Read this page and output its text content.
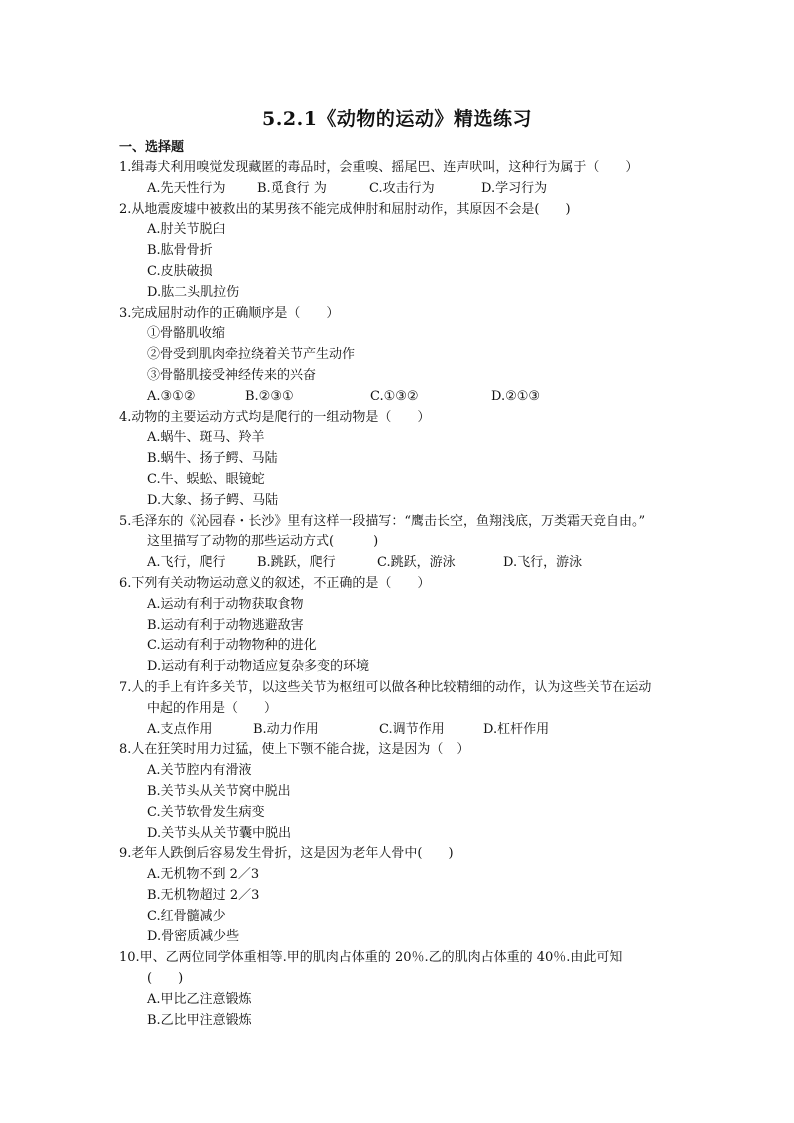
5.2.1《动物的运动》精选练习
一、选择题
1.缉毒犬利用嗅觉发现藏匿的毒品时，会重嗅、摇尾巴、连声吠叫，这种行为属于（　　）
A.先天性行为 B.觅食行 为	C.攻击行为	D.学习行为
2.从地震废墟中被救出的某男孩不能完成伸肘和屈肘动作，其原因不会是(　　)
A.肘关节脱臼
B.肱骨骨折
C.皮肤破损
D.肱二头肌拉伤
3.完成屈肘动作的正确顺序是（　　）
①骨骼肌收缩
②骨受到肌肉牵拉绕着关节产生动作
③骨骼肌接受神经传来的兴奋
A.③①②	B.②③①	C.①③②	D.②①③
4.动物的主要运动方式均是爬行的一组动物是（　　）
A.蜗牛、斑马、羚羊
B.蜗牛、扬子鳄、马陆
C.牛、蜈蚣、眼镜蛇
D.大象、扬子鳄、马陆
5.毛泽东的《沁园春・长沙》里有这样一段描写：“鹰击长空，鱼翔浅底，万类霜天竞自由。”
这里描写了动物的那些运动方式(　　　)
A.飞行，爬行 B.跳跃，爬行	C.跳跃，游泳	D.飞行，游泳
6.下列有关动物运动意义的叙述，不正确的是（　　）
A.运动有利于动物获取食物
B.运动有利于动物逃避敌害
C.运动有利于动物物种的进化
D.运动有利于动物适应复杂多变的环境
7.人的手上有许多关节，以这些关节为枢纽可以做各种比较精细的动作，认为这些关节在运动
中起的作用是（　　）
A.支点作用	B.动力作用	C.调节作用	D.杠杆作用
8.人在狂笑时用力过猛，使上下颚不能合拢，这是因为（　）
A.关节腔内有滑液
B.关节头从关节窝中脱出
C.关节软骨发生病变
D.关节头从关节囊中脱出
9.老年人跌倒后容易发生骨折，这是因为老年人骨中(　　)
A.无机物不到 2／3
B.无机物超过 2／3
C.红骨髓减少
D.骨密质减少些
10.甲、乙两位同学体重相等.甲的肌肉占体重的 20％.乙的肌肉占体重的 40％.由此可知
(　　)
A.甲比乙注意锻炼
B.乙比甲注意锻炼
